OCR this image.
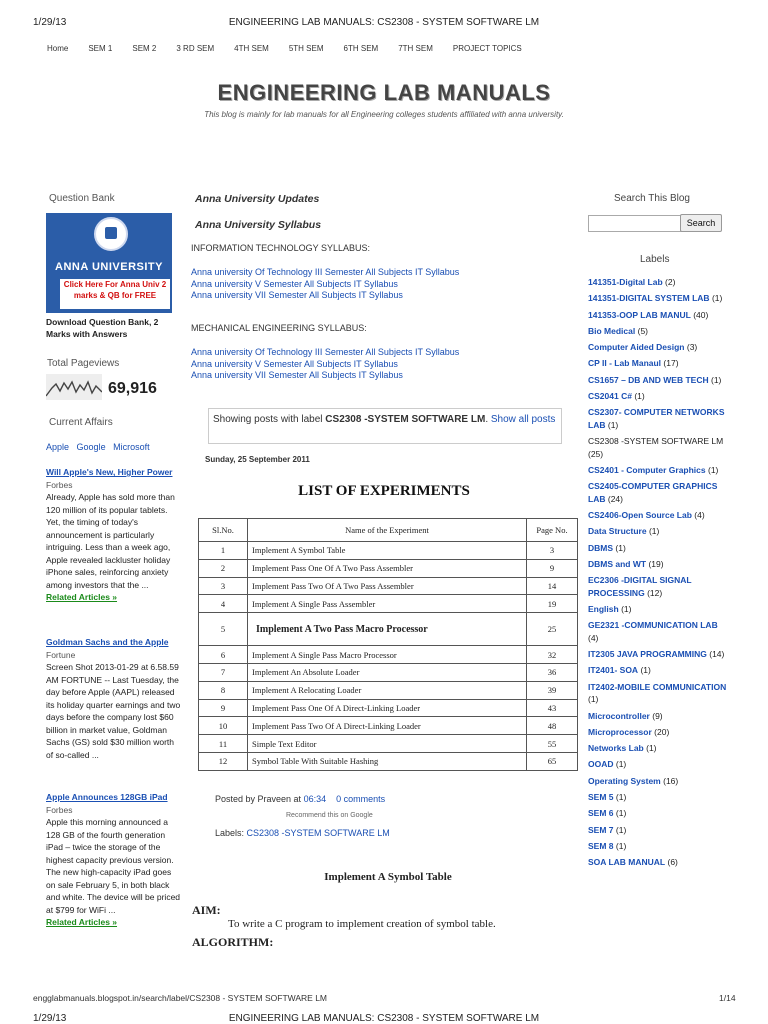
1/29/13	ENGINEERING LAB MANUALS: CS2308 - SYSTEM SOFTWARE LM
Home	SEM 1	SEM 2	3 RD SEM	4TH SEM	5TH SEM	6TH SEM	7TH SEM	PROJECT TOPICS
ENGINEERING LAB MANUALS
This blog is mainly for lab manuals for all Engineering colleges students affiliated with anna university.
Question Bank
ANNA UNIVERSITY
Click Here For Anna Univ 2 marks & QB for FREE
Download Question Bank, 2 Marks with Answers
Total Pageviews
69,916
Current Affairs
Apple Google Microsoft
Will Apple's New, Higher Power
Forbes
Already, Apple has sold more than 120 million of its popular tablets. Yet, the timing of today's announcement is particularly intriguing. Less than a week ago, Apple revealed lackluster holiday iPhone sales, reinforcing anxiety among investors that the ...
Related Articles »
Goldman Sachs and the Apple
Fortune
Screen Shot 2013-01-29 at 6.58.59 AM FORTUNE -- Last Tuesday, the day before Apple (AAPL) released its holiday quarter earnings and two days before the company lost $60 billion in market value, Goldman Sachs (GS) sold $30 million worth of so-called ...
Apple Announces 128GB iPad
Forbes
Apple this morning announced a 128 GB of the fourth generation iPad – twice the storage of the highest capacity previous version. The new high-capacity iPad goes on sale February 5, in both black and white. The device will be priced at $799 for WiFi ...
Related Articles »
Anna University Updates
Anna University Syllabus
INFORMATION TECHNOLOGY SYLLABUS:
Anna university Of Technology III Semester All Subjects IT Syllabus
Anna university V Semester All Subjects IT Syllabus
Anna university VII Semester All Subjects IT Syllabus
MECHANICAL ENGINEERING SYLLABUS:
Anna university Of Technology III Semester All Subjects IT Syllabus
Anna university V Semester All Subjects IT Syllabus
Anna university VII Semester All Subjects IT Syllabus
Showing posts with label CS2308 -SYSTEM SOFTWARE LM. Show all posts
Sunday, 25 September 2011
LIST OF EXPERIMENTS
Sl.No.	Name of the Experiment	Page No.
1	Implement A Symbol Table	3
2	Implement Pass One Of A Two Pass Assembler	9
3	Implement Pass Two Of A Two Pass Assembler	14
4	Implement A Single Pass Assembler	19
5	Implement A Two Pass Macro Processor	25
6	Implement A Single Pass Macro Processor	32
7	Implement An Absolute Loader	36
8	Implement A Relocating Loader	39
9	Implement Pass One Of A Direct-Linking Loader	43
10	Implement Pass Two Of A Direct-Linking Loader	48
11	Simple Text Editor	55
12	Symbol Table With Suitable Hashing	65
Posted by Praveen at 06:34 0 comments
Recommend this on Google
Labels: CS2308 -SYSTEM SOFTWARE LM
Implement A Symbol Table
AIM:
To write a C program to implement creation of symbol table.
ALGORITHM:
Search This Blog
Search
Labels
141351-Digital Lab (2)
141351-DIGITAL SYSTEM LAB (1)
141353-OOP LAB MANUL (40)
Bio Medical (5)
Computer Aided Design (3)
CP II - Lab Manaul (17)
CS1657 – DB AND WEB TECH (1)
CS2041 C# (1)
CS2307- COMPUTER NETWORKS LAB (1)
CS2308 -SYSTEM SOFTWARE LM (25)
CS2401 - Computer Graphics (1)
CS2405-COMPUTER GRAPHICS LAB (24)
CS2406-Open Source Lab (4)
Data Structure (1)
DBMS (1)
DBMS and WT (19)
EC2306 -DIGITAL SIGNAL PROCESSING (12)
English (1)
GE2321 -COMMUNICATION LAB (4)
IT2305 JAVA PROGRAMMING (14)
IT2401- SOA (1)
IT2402-MOBILE COMMUNICATION (1)
Microcontroller (9)
Microprocessor (20)
Networks Lab (1)
OOAD (1)
Operating System (16)
SEM 5 (1)
SEM 6 (1)
SEM 7 (1)
SEM 8 (1)
SOA LAB MANUAL (6)
engglabmanuals.blogspot.in/search/label/CS2308 - SYSTEM SOFTWARE LM	1/14
1/29/13	ENGINEERING LAB MANUALS: CS2308 - SYSTEM SOFTWARE LM
